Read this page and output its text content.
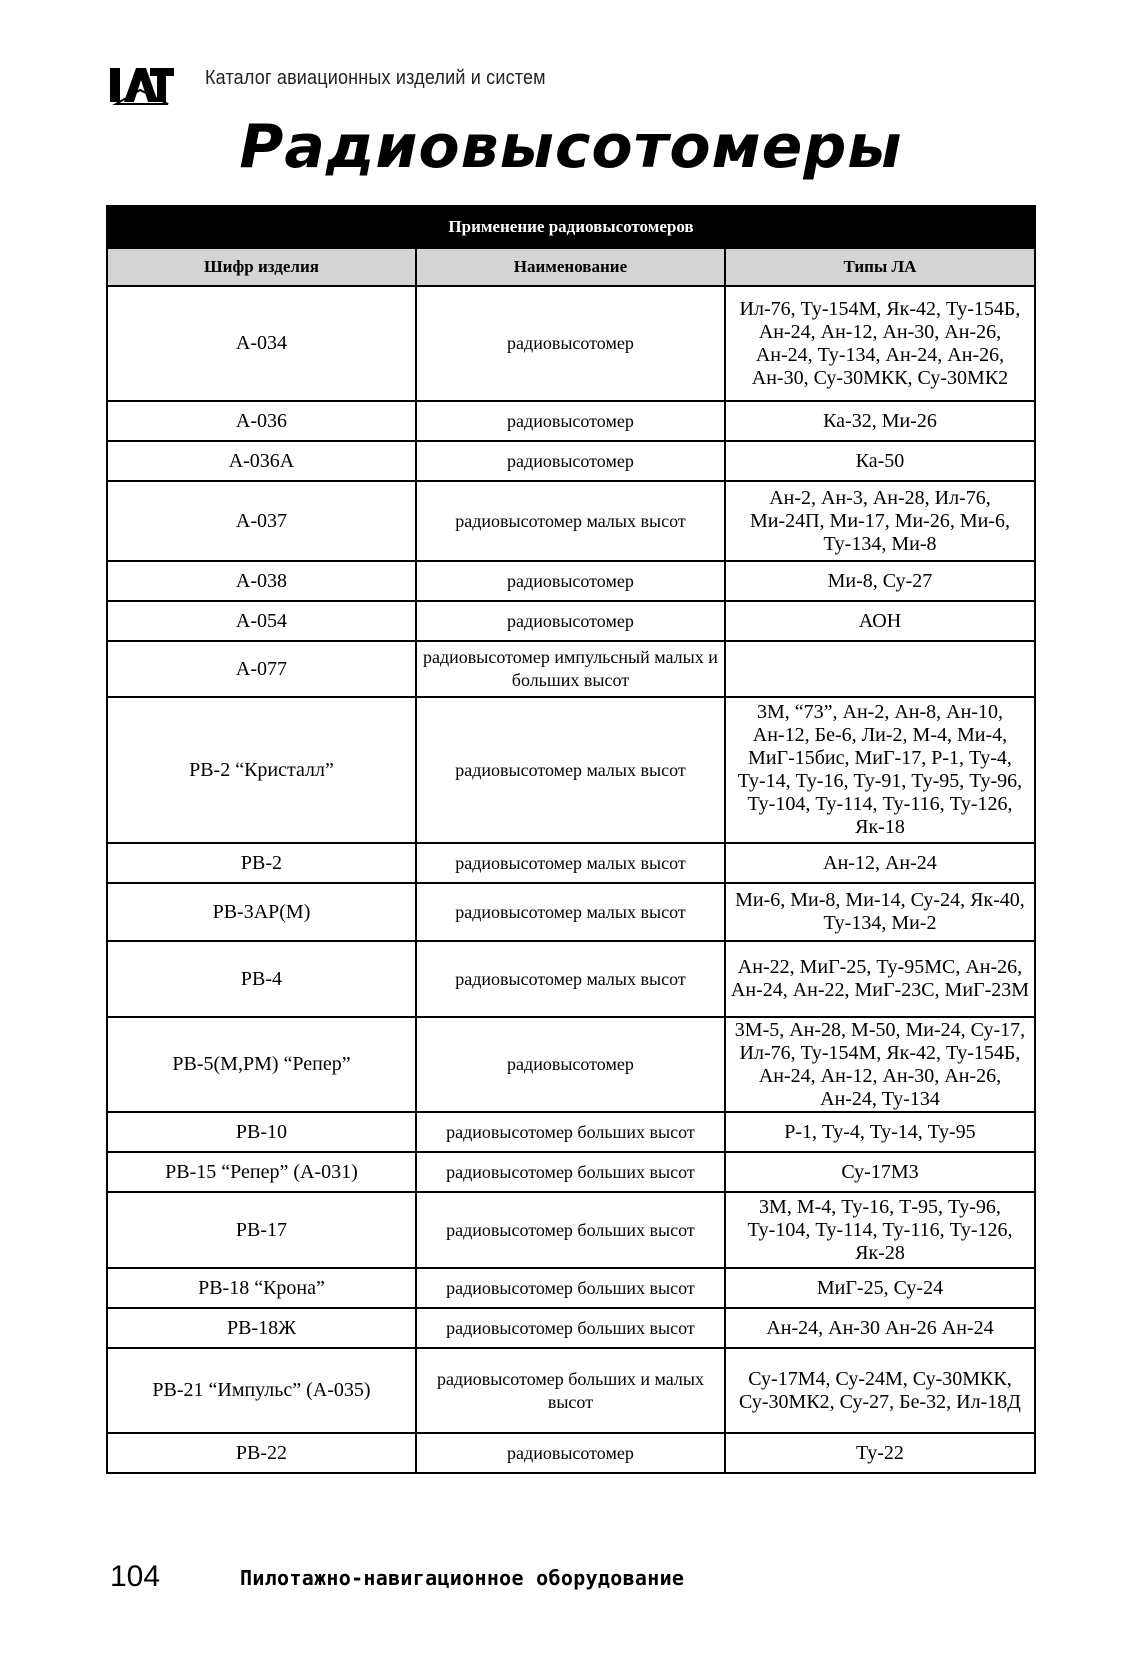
Каталог авиационных изделий и систем
Радиовысотомеры
Применение радиовысотомеров		
Шифр изделия	Наименование	Типы ЛА
А-034	радиовысотомер	Ил-76, Ту-154М, Як-42, Ту-154Б, Ан-24, Ан-12, Ан-30, Ан-26, Ан-24, Ту-134, Ан-24, Ан-26, Ан-30, Су-30МКК, Су-30МК2
А-036	радиовысотомер	Ка-32, Ми-26
А-036А	радиовысотомер	Ка-50
А-037	радиовысотомер малых высот	Ан-2, Ан-3, Ан-28, Ил-76, Ми-24П, Ми-17, Ми-26, Ми-6, Ту-134, Ми-8
А-038	радиовысотомер	Ми-8, Су-27
А-054	радиовысотомер	АОН
А-077	радиовысотомер импульсный малых и больших высот	
РВ-2 “Кристалл”	радиовысотомер малых высот	3М, “73”, Ан-2, Ан-8, Ан-10, Ан-12, Бе-6, Ли-2, М-4, Ми-4, МиГ-15бис, МиГ-17, Р-1, Ту-4, Ту-14, Ту-16, Ту-91, Ту-95, Ту-96, Ту-104, Ту-114, Ту-116, Ту-126, Як-18
РВ-2	радиовысотомер малых высот	Ан-12, Ан-24
РВ-3АР(М)	радиовысотомер малых высот	Ми-6, Ми-8, Ми-14, Су-24, Як-40, Ту-134, Ми-2
РВ-4	радиовысотомер малых высот	Ан-22, МиГ-25, Ту-95МС, Ан-26, Ан-24, Ан-22, МиГ-23С, МиГ-23М
РВ-5(М,РМ) “Репер”	радиовысотомер	3М-5, Ан-28, М-50, Ми-24, Су-17, Ил-76, Ту-154М, Як-42, Ту-154Б, Ан-24, Ан-12, Ан-30, Ан-26, Ан-24, Ту-134
РВ-10	радиовысотомер больших высот	Р-1, Ту-4, Ту-14, Ту-95
РВ-15 “Репер” (А-031)	радиовысотомер больших высот	Су-17М3
РВ-17	радиовысотомер больших высот	3М, М-4, Ту-16, Т-95, Ту-96, Ту-104, Ту-114, Ту-116, Ту-126, Як-28
РВ-18 “Крона”	радиовысотомер больших высот	МиГ-25, Су-24
РВ-18Ж	радиовысотомер больших высот	Ан-24, Ан-30 Ан-26 Ан-24
РВ-21 “Импульс” (А-035)	радиовысотомер больших и малых высот	Су-17М4, Су-24М, Су-30МКК, Су-30МК2, Су-27, Бе-32, Ил-18Д
РВ-22	радиовысотомер	Ту-22
104	Пилотажно-навигационное оборудование
